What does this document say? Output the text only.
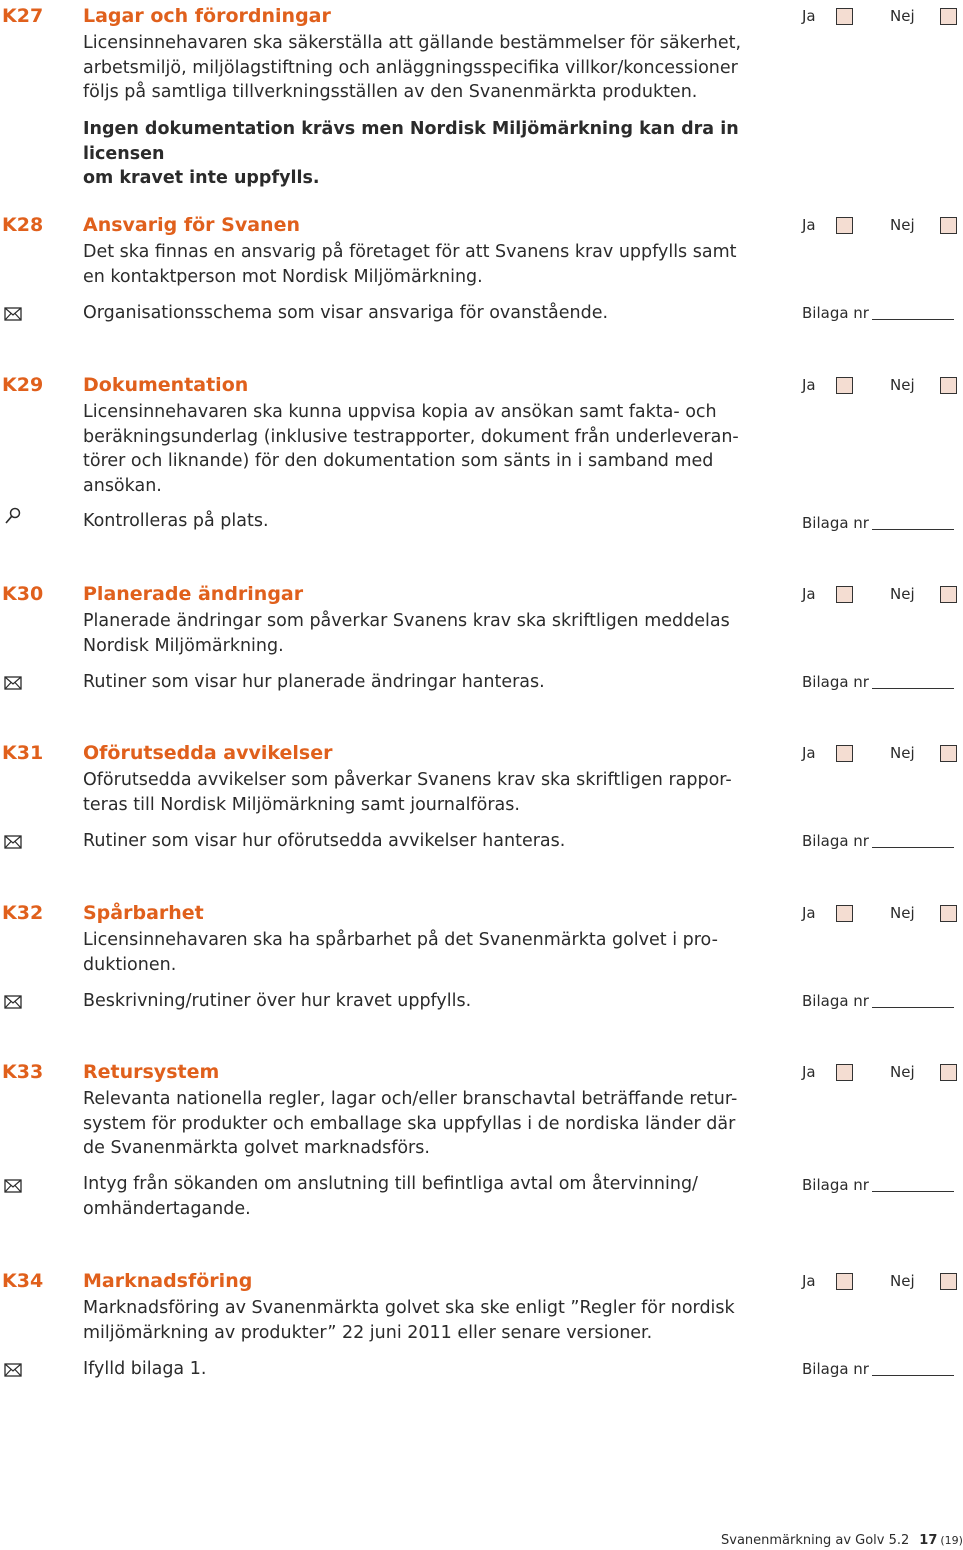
K27 Lagar och förordningar
Licensinnehavaren ska säkerställa att gällande bestämmelser för säkerhet,
arbetsmiljö, miljölagstiftning och anläggningsspecifika villkor/koncessioner
följs på samtliga tillverkningsställen av den Svanenmärkta produkten.
Ja	Nej
Ingen dokumentation krävs men Nordisk Miljömärkning kan dra in licensen
om kravet inte uppfylls.
K28 Ansvarig för Svanen
Det ska finnas en ansvarig på företaget för att Svanens krav uppfylls samt
en kontaktperson mot Nordisk Miljömärkning.
Ja	Nej
Organisationsschema som visar ansvariga för ovanstående.	Bilaga nr
K29 Dokumentation
Licensinnehavaren ska kunna uppvisa kopia av ansökan samt fakta- och
beräkningsunderlag (inklusive testrapporter, dokument från underleveran-
törer och liknande) för den dokumentation som sänts in i samband med
ansökan.
Ja	Nej
Kontrolleras på plats.	Bilaga nr
K30 Planerade ändringar
Planerade ändringar som påverkar Svanens krav ska skriftligen meddelas
Nordisk Miljömärkning.
Ja	Nej
Rutiner som visar hur planerade ändringar hanteras.	Bilaga nr
K31 Oförutsedda avvikelser
Oförutsedda avvikelser som påverkar Svanens krav ska skriftligen rappor-
teras till Nordisk Miljömärkning samt journalföras.
Ja	Nej
Rutiner som visar hur oförutsedda avvikelser hanteras.	Bilaga nr
K32 Spårbarhet
Licensinnehavaren ska ha spårbarhet på det Svanenmärkta golvet i pro-
duktionen.
Ja	Nej
Beskrivning/rutiner över hur kravet uppfylls.	Bilaga nr
K33 Retursystem
Relevanta nationella regler, lagar och/eller branschavtal beträffande retur-
system för produkter och emballage ska uppfyllas i de nordiska länder där
de Svanenmärkta golvet marknadsförs.
Ja	Nej
Intyg från sökanden om anslutning till befintliga avtal om återvinning/
omhändertagande.
Bilaga nr
K34 Marknadsföring
Marknadsföring av Svanenmärkta golvet ska ske enligt ”Regler för nordisk
miljömärkning av produkter” 22 juni 2011 eller senare versioner.
Ja	Nej
Ifylld bilaga 1.	Bilaga nr
Svanenmärkning av Golv 5.2 17 (19)
